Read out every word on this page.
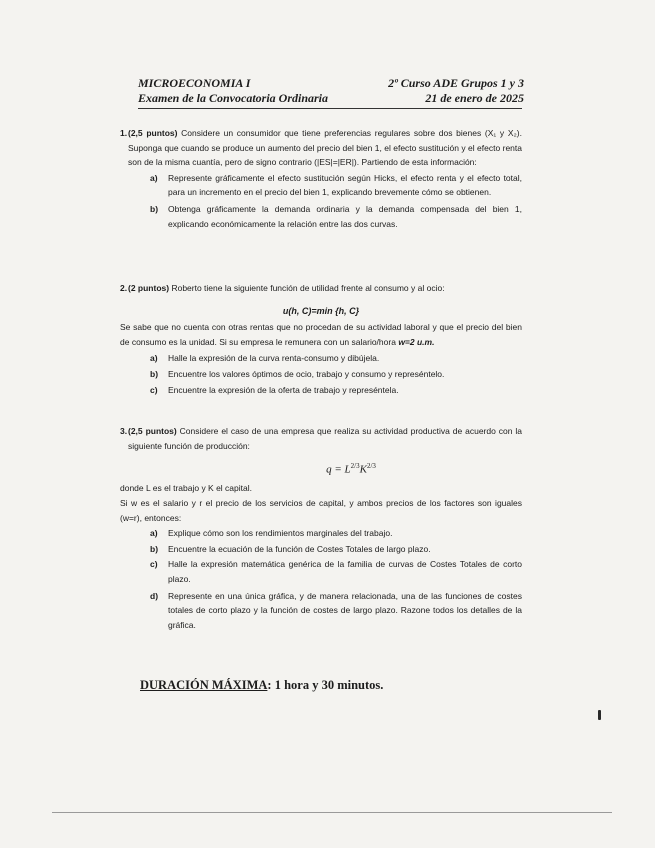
MICROECONOMIA I	2º Curso ADE Grupos 1 y 3
Examen de la Convocatoria Ordinaria	21 de enero de 2025
1. (2,5 puntos) Considere un consumidor que tiene preferencias regulares sobre dos bienes (X₁ y X₂). Suponga que cuando se produce un aumento del precio del bien 1, el efecto sustitución y el efecto renta son de la misma cuantía, pero de signo contrario (|ES|=|ER|). Partiendo de esta información:

a)	Represente gráficamente el efecto sustitución según Hicks, el efecto renta y el efecto total, para un incremento en el precio del bien 1, explicando brevemente cómo se obtienen.
b)	Obtenga gráficamente la demanda ordinaria y la demanda compensada del bien 1, explicando económicamente la relación entre las dos curvas.
2. (2 puntos) Roberto tiene la siguiente función de utilidad frente al consumo y al ocio:

u(h, C)=min {h, C}

Se sabe que no cuenta con otras rentas que no procedan de su actividad laboral y que el precio del bien de consumo es la unidad. Si su empresa le remunera con un salario/hora w=2 u.m.

a)	Halle la expresión de la curva renta-consumo y dibújela.
b)	Encuentre los valores óptimos de ocio, trabajo y consumo y represéntelo.
c)	Encuentre la expresión de la oferta de trabajo y represéntela.
3. (2,5 puntos) Considere el caso de una empresa que realiza su actividad productiva de acuerdo con la siguiente función de producción:

$q = L^{2/3}K^{2/3}$

donde L es el trabajo y K el capital.

Si w es el salario y r el precio de los servicios de capital, y ambos precios de los factores son iguales (w=r), entonces:

a)	Explique cómo son los rendimientos marginales del trabajo.
b)	Encuentre la ecuación de la función de Costes Totales de largo plazo.
c)	Halle la expresión matemática genérica de la familia de curvas de Costes Totales de corto plazo.
d)	Represente en una única gráfica, y de manera relacionada, una de las funciones de costes totales de corto plazo y la función de costes de largo plazo. Razone todos los detalles de la gráfica.
DURACIÓN MÁXIMA: 1 hora y 30 minutos.
